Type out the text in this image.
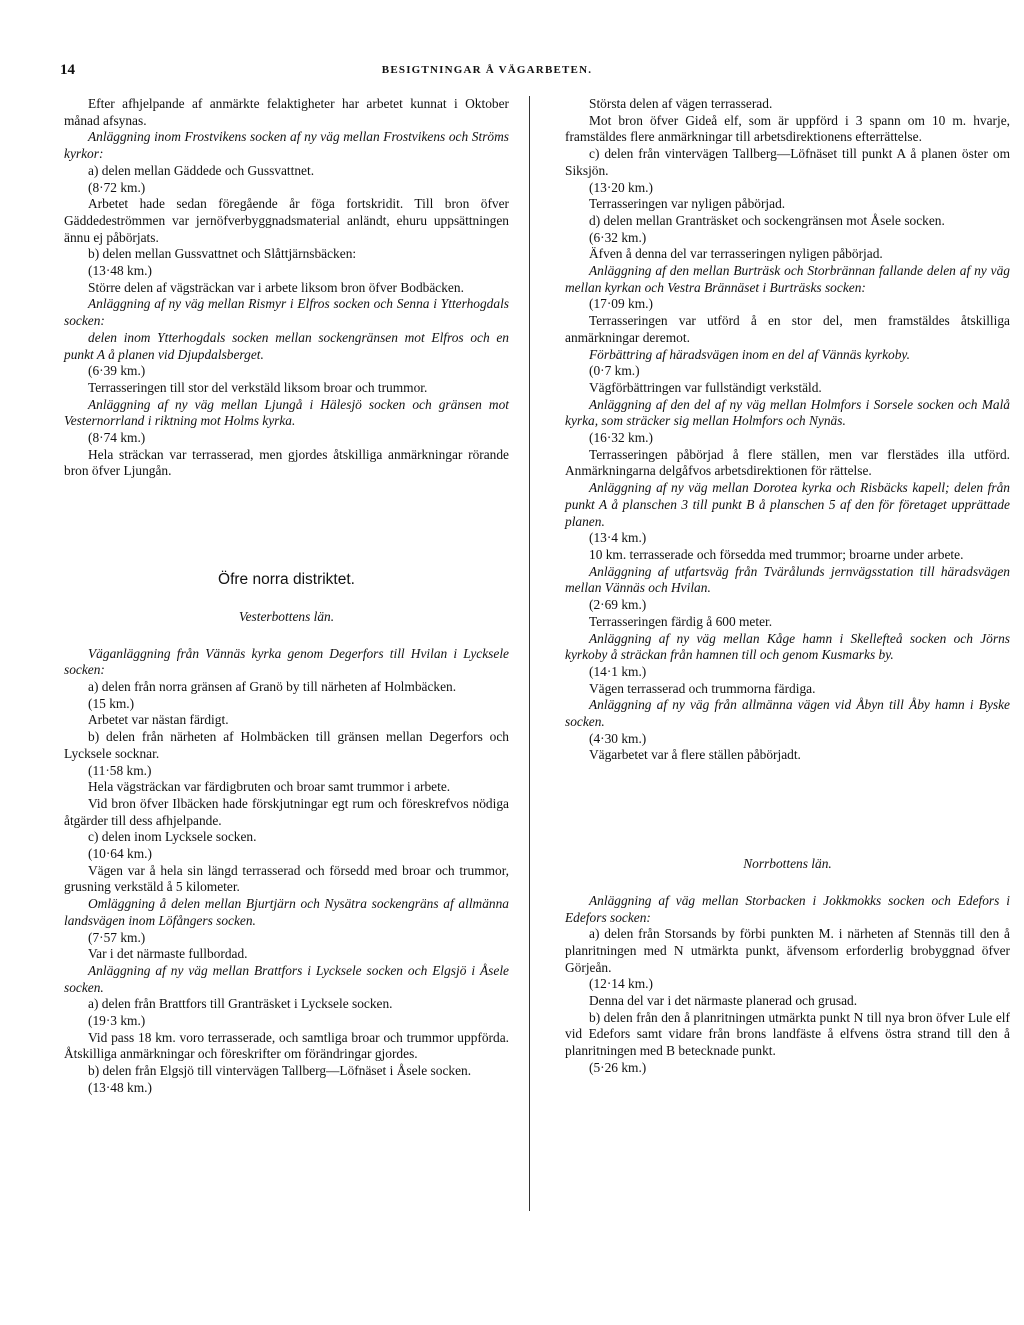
14	BESIGTNINGAR Å VÄGARBETEN.

Efter afhjelpande af anmärkte felaktigheter har arbetet kunnat i Oktober månad afsynas.

Anläggning inom Frostvikens socken af ny väg mellan Frostvikens och Ströms kyrkor:

a) delen mellan Gäddede och Gussvattnet.

(8·72 km.)

Arbetet hade sedan föregående år föga fortskridit. Till bron öfver Gäddedeströmmen var jernöfverbyggnadsmaterial anländt, ehuru uppsättningen ännu ej påbörjats.

b) delen mellan Gussvattnet och Slåttjärnsbäcken:

(13·48 km.)

Större delen af vägsträckan var i arbete liksom bron öfver Bodbäcken.

Anläggning af ny väg mellan Rismyr i Elfros socken och Senna i Ytterhogdals socken:

delen inom Ytterhogdals socken mellan sockengränsen mot Elfros och en punkt A å planen vid Djupdalsberget.

(6·39 km.)

Terrasseringen till stor del verkstäld liksom broar och trummor.

Anläggning af ny väg mellan Ljungå i Hälesjö socken och gränsen mot Vesternorrland i riktning mot Holms kyrka.

(8·74 km.)

Hela sträckan var terrasserad, men gjordes åtskilliga anmärkningar rörande bron öfver Ljungån.

Öfre norra distriktet.

Vesterbottens län.

Väganläggning från Vännäs kyrka genom Degerfors till Hvilan i Lycksele socken:

a) delen från norra gränsen af Granö by till närheten af Holmbäcken.

(15 km.)

Arbetet var nästan färdigt.

b) delen från närheten af Holmbäcken till gränsen mellan Degerfors och Lycksele socknar.

(11·58 km.)

Hela vägsträckan var färdigbruten och broar samt trummor i arbete.

Vid bron öfver Ilbäcken hade förskjutningar egt rum och föreskrefvos nödiga åtgärder till dess afhjelpande.

c) delen inom Lycksele socken.

(10·64 km.)

Vägen var å hela sin längd terrasserad och försedd med broar och trummor, grusning verkstäld å 5 kilometer.

Omläggning å delen mellan Bjurtjärn och Nysätra sockengräns af allmänna landsvägen inom Löfångers socken.

(7·57 km.)

Var i det närmaste fullbordad.

Anläggning af ny väg mellan Brattfors i Lycksele socken och Elgsjö i Åsele socken.

a) delen från Brattfors till Granträsket i Lycksele socken.

(19·3 km.)

Vid pass 18 km. voro terrasserade, och samtliga broar och trummor uppförda. Åtskilliga anmärkningar och föreskrifter om förändringar gjordes.

b) delen från Elgsjö till vintervägen Tallberg—Löfnäset i Åsele socken.

(13·48 km.)

Största delen af vägen terrasserad.

Mot bron öfver Gideå elf, som är uppförd i 3 spann om 10 m. hvarje, framstäldes flere anmärkningar till arbetsdirektionens efterrättelse.

c) delen från vintervägen Tallberg—Löfnäset till punkt A å planen öster om Siksjön.

(13·20 km.)

Terrasseringen var nyligen påbörjad.

d) delen mellan Granträsket och sockengränsen mot Åsele socken.

(6·32 km.)

Äfven å denna del var terrasseringen nyligen påbörjad.

Anläggning af den mellan Burträsk och Storbrännan fallande delen af ny väg mellan kyrkan och Vestra Brännäset i Burträsks socken:

(17·09 km.)

Terrasseringen var utförd å en stor del, men framstäldes åtskilliga anmärkningar deremot.

Förbättring af häradsvägen inom en del af Vännäs kyrkoby.

(0·7 km.)

Vägförbättringen var fullständigt verkstäld.

Anläggning af den del af ny väg mellan Holmfors i Sorsele socken och Malå kyrka, som sträcker sig mellan Holmfors och Nynäs.

(16·32 km.)

Terrasseringen påbörjad å flere ställen, men var flerstädes illa utförd. Anmärkningarna delgåfvos arbetsdirektionen för rättelse.

Anläggning af ny väg mellan Dorotea kyrka och Risbäcks kapell; delen från punkt A å planschen 3 till punkt B å planschen 5 af den för företaget upprättade planen.

(13·4 km.)

10 km. terrasserade och försedda med trummor; broarne under arbete.

Anläggning af utfartsväg från Tvärålunds jernvägsstation till häradsvägen mellan Vännäs och Hvilan.

(2·69 km.)

Terrasseringen färdig å 600 meter.

Anläggning af ny väg mellan Kåge hamn i Skellefteå socken och Jörns kyrkoby å sträckan från hamnen till och genom Kusmarks by.

(14·1 km.)

Vägen terrasserad och trummorna färdiga.

Anläggning af ny väg från allmänna vägen vid Åbyn till Åby hamn i Byske socken.

(4·30 km.)

Vägarbetet var å flere ställen påbörjadt.

Norrbottens län.

Anläggning af väg mellan Storbacken i Jokkmokks socken och Edefors i Edefors socken:

a) delen från Storsands by förbi punkten M. i närheten af Stennäs till den å planritningen med N utmärkta punkt, äfvensom erforderlig brobyggnad öfver Görjeån.

(12·14 km.)

Denna del var i det närmaste planerad och grusad.

b) delen från den å planritningen utmärkta punkt N till nya bron öfver Lule elf vid Edefors samt vidare från brons landfäste å elfvens östra strand till den å planritningen med B betecknade punkt.

(5·26 km.)
